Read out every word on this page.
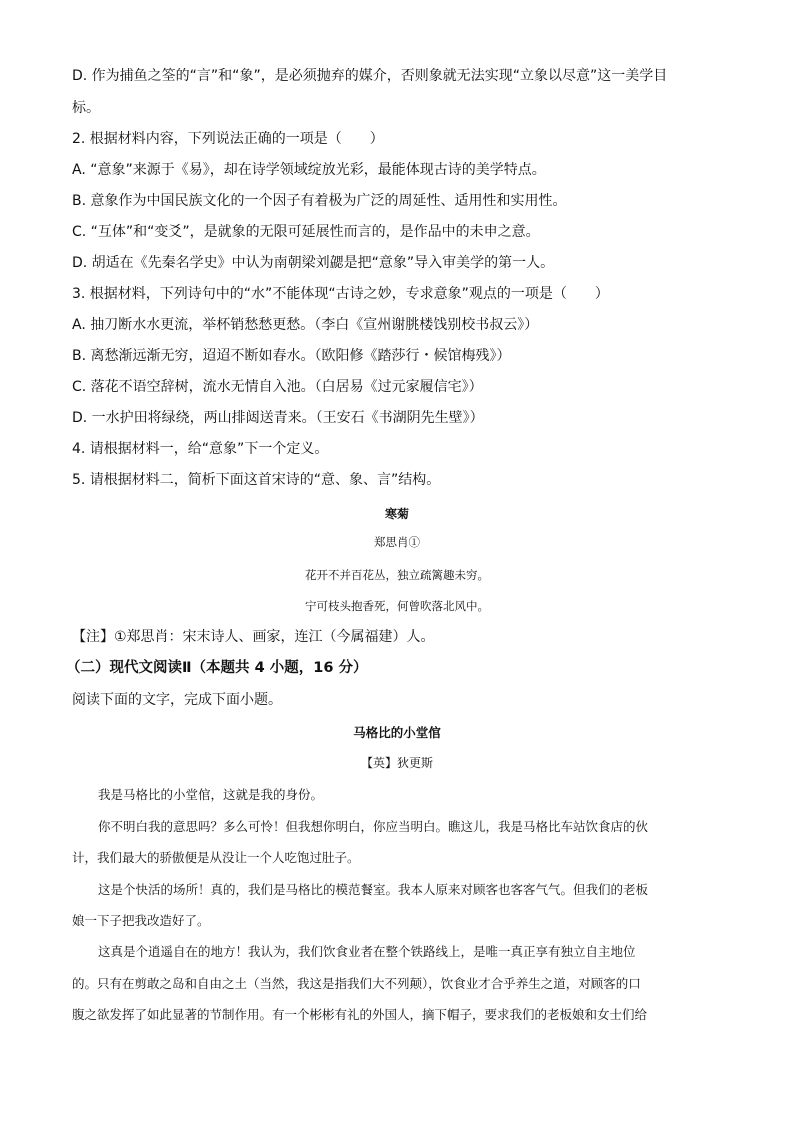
D. 作为捕鱼之筌的“言”和“象”，是必须抛弃的媒介，否则象就无法实现“立象以尽意”这一美学目
标。
2. 根据材料内容，下列说法正确的一项是（　　）
A. “意象”来源于《易》，却在诗学领域绽放光彩，最能体现古诗的美学特点。
B. 意象作为中国民族文化的一个因子有着极为广泛的周延性、适用性和实用性。
C. “互体”和“变爻”，是就象的无限可延展性而言的，是作品中的未申之意。
D. 胡适在《先秦名学史》中认为南朝梁刘勰是把“意象”导入审美学的第一人。
3. 根据材料，下列诗句中的“水”不能体现“古诗之妙，专求意象”观点的一项是（　　）
A. 抽刀断水水更流，举杯销愁愁更愁。（李白《宣州谢朓楼饯别校书叔云》）
B. 离愁渐远渐无穷，迢迢不断如春水。（欧阳修《踏莎行・候馆梅残》）
C. 落花不语空辞树，流水无情自入池。（白居易《过元家履信宅》）
D. 一水护田将绿绕，两山排闼送青来。（王安石《书湖阴先生壁》）
4. 请根据材料一，给“意象”下一个定义。
5. 请根据材料二，简析下面这首宋诗的“意、象、言”结构。
寒菊
郑思肖①
花开不并百花丛，独立疏篱趣未穷。
宁可枝头抱香死，何曾吹落北风中。
【注】①郑思肖：宋末诗人、画家，连江（今属福建）人。
（二）现代文阅读Ⅱ（本题共 4 小题，16 分）
阅读下面的文字，完成下面小题。
马格比的小堂倌
【英】狄更斯
我是马格比的小堂倌，这就是我的身份。
你不明白我的意思吗？多么可怜！但我想你明白，你应当明白。瞧这儿，我是马格比车站饮食店的伙
计，我们最大的骄傲便是从没让一个人吃饱过肚子。
这是个快活的场所！真的，我们是马格比的模范餐室。我本人原来对顾客也客客气气。但我们的老板
娘一下子把我改造好了。
这真是个逍遥自在的地方！我认为，我们饮食业者在整个铁路线上，是唯一真正享有独立自主地位
的。只有在剪敢之岛和自由之土（当然，我这是指我们大不列颠），饮食业才合乎养生之道，对顾客的口
腹之欲发挥了如此显著的节制作用。有一个彬彬有礼的外国人，摘下帽子，要求我们的老板娘和女士们给
